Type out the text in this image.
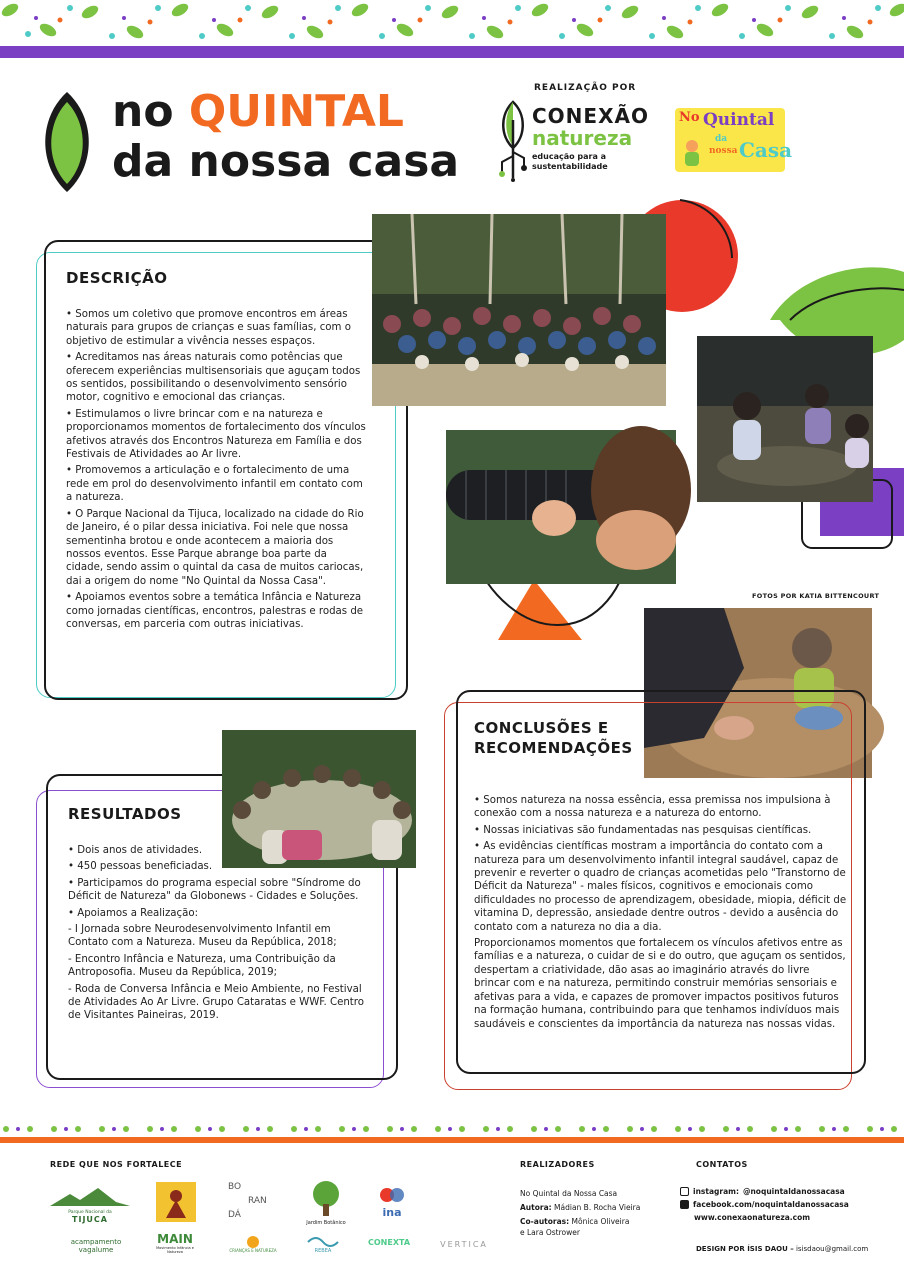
no QUINTAL
da nossa casa
REALIZAÇÃO POR
CONEXÃO
natureza
educação para a sustentabilidade
No Quintal
da
nossa Casa
DESCRIÇÃO

• Somos um coletivo que promove encontros em áreas naturais para grupos de crianças e suas famílias, com o objetivo de estimular a vivência nesses espaços.

• Acreditamos nas áreas naturais como potências que oferecem experiências multisensoriais que aguçam todos os sentidos, possibilitando o desenvolvimento sensório motor, cognitivo e emocional das crianças.

• Estimulamos o livre brincar com e na natureza e proporcionamos momentos de fortalecimento dos vínculos afetivos através dos Encontros Natureza em Família e dos Festivais de Atividades ao Ar livre.

• Promovemos a articulação e o fortalecimento de uma rede em prol do desenvolvimento infantil em contato com a natureza.

• O Parque Nacional da Tijuca, localizado na cidade do Rio de Janeiro, é o pilar dessa iniciativa. Foi nele que nossa sementinha brotou e onde acontecem a maioria dos nossos eventos. Esse Parque abrange boa parte da cidade, sendo assim o quintal da casa de muitos cariocas, dai a origem do nome "No Quintal da Nossa Casa".

• Apoiamos eventos sobre a temática Infância e Natureza como jornadas científicas, encontros, palestras e rodas de conversas, em parceria com outras iniciativas.

FOTOS POR KATIA BITTENCOURT
RESULTADOS

• Dois anos de atividades.

• 450 pessoas beneficiadas.

• Participamos do programa especial sobre "Síndrome do Déficit de Natureza" da Globonews - Cidades e Soluções.

• Apoiamos a Realização:

- I Jornada sobre Neurodesenvolvimento Infantil em Contato com a Natureza. Museu da República, 2018;

- Encontro Infância e Natureza, uma Contribuição da Antroposofia. Museu da República, 2019;

- Roda de Conversa Infância e Meio Ambiente, no Festival de Atividades Ao Ar Livre. Grupo Cataratas e WWF. Centro de Visitantes Paineiras, 2019.

CONCLUSÕES E
RECOMENDAÇÕES

• Somos natureza na nossa essência, essa premissa nos impulsiona à conexão com a nossa natureza e a natureza do entorno.

• Nossas iniciativas são fundamentadas nas pesquisas científicas.

• As evidências científicas mostram a importância do contato com a natureza para um desenvolvimento infantil integral saudável, capaz de prevenir e reverter o quadro de crianças acometidas pelo "Transtorno de Déficit da Natureza" - males físicos, cognitivos e emocionais como dificuldades no processo de aprendizagem, obesidade, miopia, déficit de vitamina D, depressão, ansiedade dentre outros - devido a ausência do contato com a natureza no dia a dia.

Proporcionamos momentos que fortalecem os vínculos afetivos entre as famílias e a natureza, o cuidar de si e do outro, que aguçam os sentidos, despertam a criatividade, dão asas ao imaginário através do livre brincar com e na natureza, permitindo construir memórias sensoriais e afetivas para a vida, e capazes de promover impactos positivos futuros na formação humana, contribuindo para que tenhamos indivíduos mais saudáveis e conscientes da importância da natureza nas nossas vidas.

REDE QUE NOS FORTALECE
Parque Nacional da
TIJUCA
BO
RAN
DÁ
Jardim Botânico
ina
acampamento vagalume
MAIN
Movimento Infância e Natureza	CRIANÇAS E NATUREZA	REBEA
CONEXTA	VERTICA
REALIZADORES
No Quintal da Nossa Casa
Autora: Mádian B. Rocha Vieira
Co-autoras: Mônica Oliveira
e Lara Ostrower
CONTATOS
instagram: @noquintaldanossacasa
facebook.com/noquintaldanossacasa
www.conexaonatureza.com
DESIGN POR ÍSIS DAOU – isisdaou@gmail.com
